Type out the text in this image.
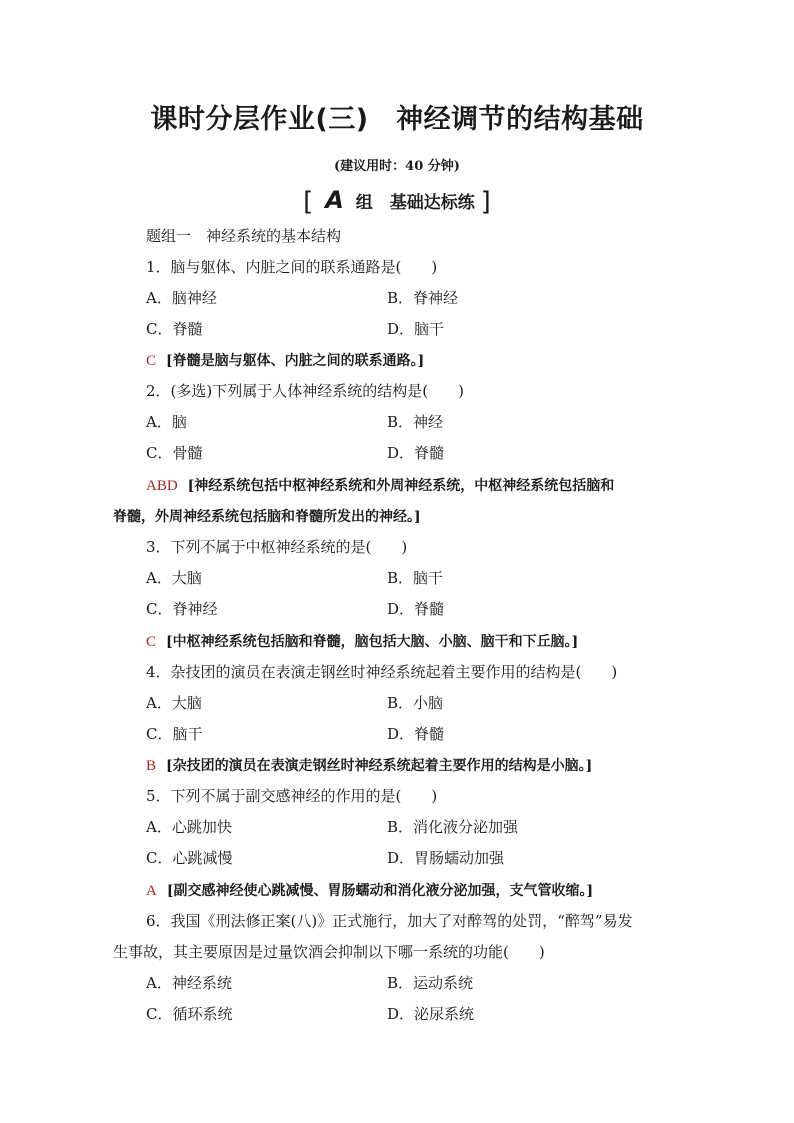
课时分层作业(三)　神经调节的结构基础
(建议用时：40 分钟)
[ A 组　基础达标练 ]
题组一　神经系统的基本结构
1．脑与躯体、内脏之间的联系通路是(　　)
A．脑神经	B．脊神经
C．脊髓	D．脑干
C [脊髓是脑与躯体、内脏之间的联系通路。]
2．(多选)下列属于人体神经系统的结构是(　　)
A．脑	B．神经
C．骨髓	D．脊髓
ABD [神经系统包括中枢神经系统和外周神经系统，中枢神经系统包括脑和
脊髓，外周神经系统包括脑和脊髓所发出的神经。]
3．下列不属于中枢神经系统的是(　　)
A．大脑	B．脑干
C．脊神经	D．脊髓
C [中枢神经系统包括脑和脊髓，脑包括大脑、小脑、脑干和下丘脑。]
4．杂技团的演员在表演走钢丝时神经系统起着主要作用的结构是(　　)
A．大脑	B．小脑
C．脑干	D．脊髓
B [杂技团的演员在表演走钢丝时神经系统起着主要作用的结构是小脑。]
5．下列不属于副交感神经的作用的是(　　)
A．心跳加快	B．消化液分泌加强
C．心跳减慢	D．胃肠蠕动加强
A [副交感神经使心跳减慢、胃肠蠕动和消化液分泌加强，支气管收缩。]
6．我国《刑法修正案(八)》正式施行，加大了对醉驾的处罚，“醉驾”易发
生事故，其主要原因是过量饮酒会抑制以下哪一系统的功能(　　)
A．神经系统	B．运动系统
C．循环系统	D．泌尿系统
